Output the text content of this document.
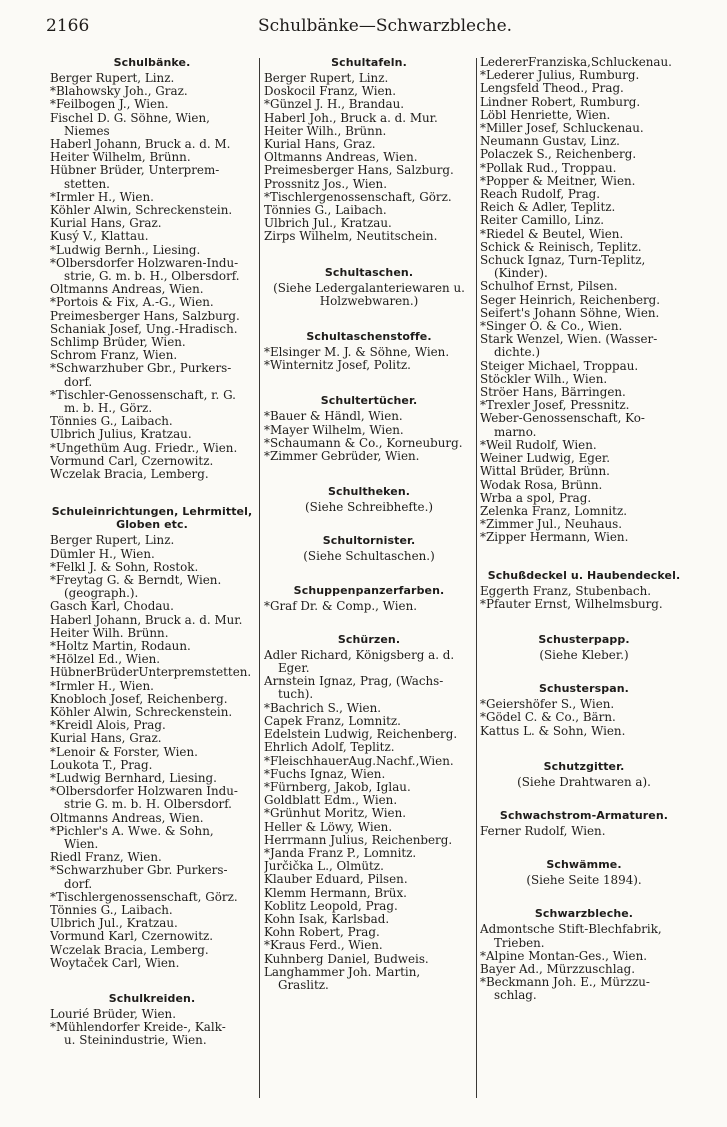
2166	Schulbänke—Schwarzbleche.
Schulbänke.
Berger Rupert, Linz.
*Blahowsky Joh., Graz.
*Feilbogen J., Wien.
Fischel D. G. Söhne, Wien,
Niemes
Haberl Johann, Bruck a. d. M.
Heiter Wilhelm, Brünn.
Hübner Brüder, Unterprem-
stetten.
*Irmler H., Wien.
Köhler Alwin, Schreckenstein.
Kurial Hans, Graz.
Kusý V., Klattau.
*Ludwig Bernh., Liesing.
*Olbersdorfer Holzwaren-Indu-
strie, G. m. b. H., Olbersdorf.
Oltmanns Andreas, Wien.
*Portois & Fix, A.-G., Wien.
Preimesberger Hans, Salzburg.
Schaniak Josef, Ung.-Hradisch.
Schlimp Brüder, Wien.
Schrom Franz, Wien.
*Schwarzhuber Gbr., Purkers-
dorf.
*Tischler-Genossenschaft, r. G.
m. b. H., Görz.
Tönnies G., Laibach.
Ulbrich Julius, Kratzau.
*Ungethüm Aug. Friedr., Wien.
Vormund Carl, Czernowitz.
Wczelak Bracia, Lemberg.
Schuleinrichtungen, Lehrmittel, Globen etc.
Berger Rupert, Linz.
Dümler H., Wien.
*Felkl J. & Sohn, Rostok.
*Freytag G. & Berndt, Wien.
(geograph.).
Gasch Karl, Chodau.
Haberl Johann, Bruck a. d. Mur.
Heiter Wilh. Brünn.
*Holtz Martin, Rodaun.
*Hölzel Ed., Wien.
HübnerBrüderUnterpremstetten.
*Irmler H., Wien.
Knobloch Josef, Reichenberg.
Köhler Alwin, Schreckenstein.
*Kreidl Alois, Prag.
Kurial Hans, Graz.
*Lenoir & Forster, Wien.
Loukota T., Prag.
*Ludwig Bernhard, Liesing.
*Olbersdorfer Holzwaren Indu-
strie G. m. b. H. Olbersdorf.
Oltmanns Andreas, Wien.
*Pichler's A. Wwe. & Sohn,
Wien.
Riedl Franz, Wien.
*Schwarzhuber Gbr. Purkers-
dorf.
*Tischlergenossenschaft, Görz.
Tönnies G., Laibach.
Ulbrich Jul., Kratzau.
Vormund Karl, Czernowitz.
Wczelak Bracia, Lemberg.
Woytaček Carl, Wien.
Schulkreiden.
Lourié Brüder, Wien.
*Mühlendorfer Kreide-, Kalk-
u. Steinindustrie, Wien.
Schultafeln.
Berger Rupert, Linz.
Doskocil Franz, Wien.
*Günzel J. H., Brandau.
Haberl Joh., Bruck a. d. Mur.
Heiter Wilh., Brünn.
Kurial Hans, Graz.
Oltmanns Andreas, Wien.
Preimesberger Hans, Salzburg.
Prossnitz Jos., Wien.
*Tischlergenossenschaft, Görz.
Tönnies G., Laibach.
Ulbrich Jul., Kratzau.
Zirps Wilhelm, Neutitschein.
Schultaschen.
(Siehe Ledergalanteriewaren u.
Holzwebwaren.)
Schultaschenstoffe.
*Elsinger M. J. & Söhne, Wien.
*Winternitz Josef, Politz.
Schultertücher.
*Bauer & Händl, Wien.
*Mayer Wilhelm, Wien.
*Schaumann & Co., Korneuburg.
*Zimmer Gebrüder, Wien.
Schultheken.
(Siehe Schreibhefte.)
Schultornister.
(Siehe Schultaschen.)
Schuppenpanzerfarben.
*Graf Dr. & Comp., Wien.
Schürzen.
Adler Richard, Königsberg a. d.
Eger.
Arnstein Ignaz, Prag, (Wachs-
tuch).
*Bachrich S., Wien.
Capek Franz, Lomnitz.
Edelstein Ludwig, Reichenberg.
Ehrlich Adolf, Teplitz.
*FleischhauerAug.Nachf.,Wien.
*Fuchs Ignaz, Wien.
*Fürnberg, Jakob, Iglau.
Goldblatt Edm., Wien.
*Grünhut Moritz, Wien.
Heller & Löwy, Wien.
Herrmann Julius, Reichenberg.
*Janda Franz P., Lomnitz.
Jurčička L., Olmütz.
Klauber Eduard, Pilsen.
Klemm Hermann, Brüx.
Koblitz Leopold, Prag.
Kohn Isak, Karlsbad.
Kohn Robert, Prag.
*Kraus Ferd., Wien.
Kuhnberg Daniel, Budweis.
Langhammer Joh. Martin,
Graslitz.
LedererFranziska,Schluckenau.
*Lederer Julius, Rumburg.
Lengsfeld Theod., Prag.
Lindner Robert, Rumburg.
Löbl Henriette, Wien.
*Miller Josef, Schluckenau.
Neumann Gustav, Linz.
Polaczek S., Reichenberg.
*Pollak Rud., Troppau.
*Popper & Meitner, Wien.
Reach Rudolf, Prag.
Reich & Adler, Teplitz.
Reiter Camillo, Linz.
*Riedel & Beutel, Wien.
Schick & Reinisch, Teplitz.
Schuck Ignaz, Turn-Teplitz,
(Kinder).
Schulhof Ernst, Pilsen.
Seger Heinrich, Reichenberg.
Seifert's Johann Söhne, Wien.
*Singer O. & Co., Wien.
Stark Wenzel, Wien. (Wasser-
dichte.)
Steiger Michael, Troppau.
Stöckler Wilh., Wien.
Ströer Hans, Bärringen.
*Trexler Josef, Pressnitz.
Weber-Genossenschaft, Ko-
marno.
*Weil Rudolf, Wien.
Weiner Ludwig, Eger.
Wittal Brüder, Brünn.
Wodak Rosa, Brünn.
Wrba a spol, Prag.
Zelenka Franz, Lomnitz.
*Zimmer Jul., Neuhaus.
*Zipper Hermann, Wien.
Schußdeckel u. Haubendeckel.
Eggerth Franz, Stubenbach.
*Pfauter Ernst, Wilhelmsburg.
Schusterpapp.
(Siehe Kleber.)
Schusterspan.
*Geiershöfer S., Wien.
*Gödel C. & Co., Bärn.
Kattus L. & Sohn, Wien.
Schutzgitter.
(Siehe Drahtwaren a).
Schwachstrom-Armaturen.
Ferner Rudolf, Wien.
Schwämme.
(Siehe Seite 1894).
Schwarzbleche.
Admontsche Stift-Blechfabrik,
Trieben.
*Alpine Montan-Ges., Wien.
Bayer Ad., Mürzzuschlag.
*Beckmann Joh. E., Mürzzu-
schlag.
